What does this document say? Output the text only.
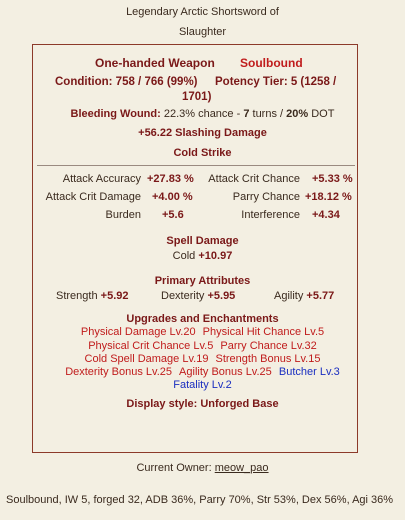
Legendary Arctic Shortsword of
Slaughter
One-handed Weapon Soulbound
Condition: 758 / 766 (99%) Potency Tier: 5 (1258 /
1701)
Bleeding Wound: 22.3% chance - 7 turns / 20% DOT
+56.22 Slashing Damage
Cold Strike
Attack Accuracy +27.83 % Attack Crit Chance +5.33 %
Attack Crit Damage +4.00 %	Parry Chance +18.12 %
Burden +5.6	Interference +4.34
Spell Damage
Cold +10.97
Primary Attributes
Strength +5.92	Dexterity +5.95	Agility +5.77
Upgrades and Enchantments
Physical Damage Lv.20 Physical Hit Chance Lv.5
Physical Crit Chance Lv.5 Parry Chance Lv.32
Cold Spell Damage Lv.19 Strength Bonus Lv.15
Dexterity Bonus Lv.25 Agility Bonus Lv.25 Butcher Lv.3
Fatality Lv.2
Display style: Unforged Base
Current Owner: meow_pao
Soulbound, IW 5, forged 32, ADB 36%, Parry 70%, Str 53%, Dex 56%, Agi 36%
